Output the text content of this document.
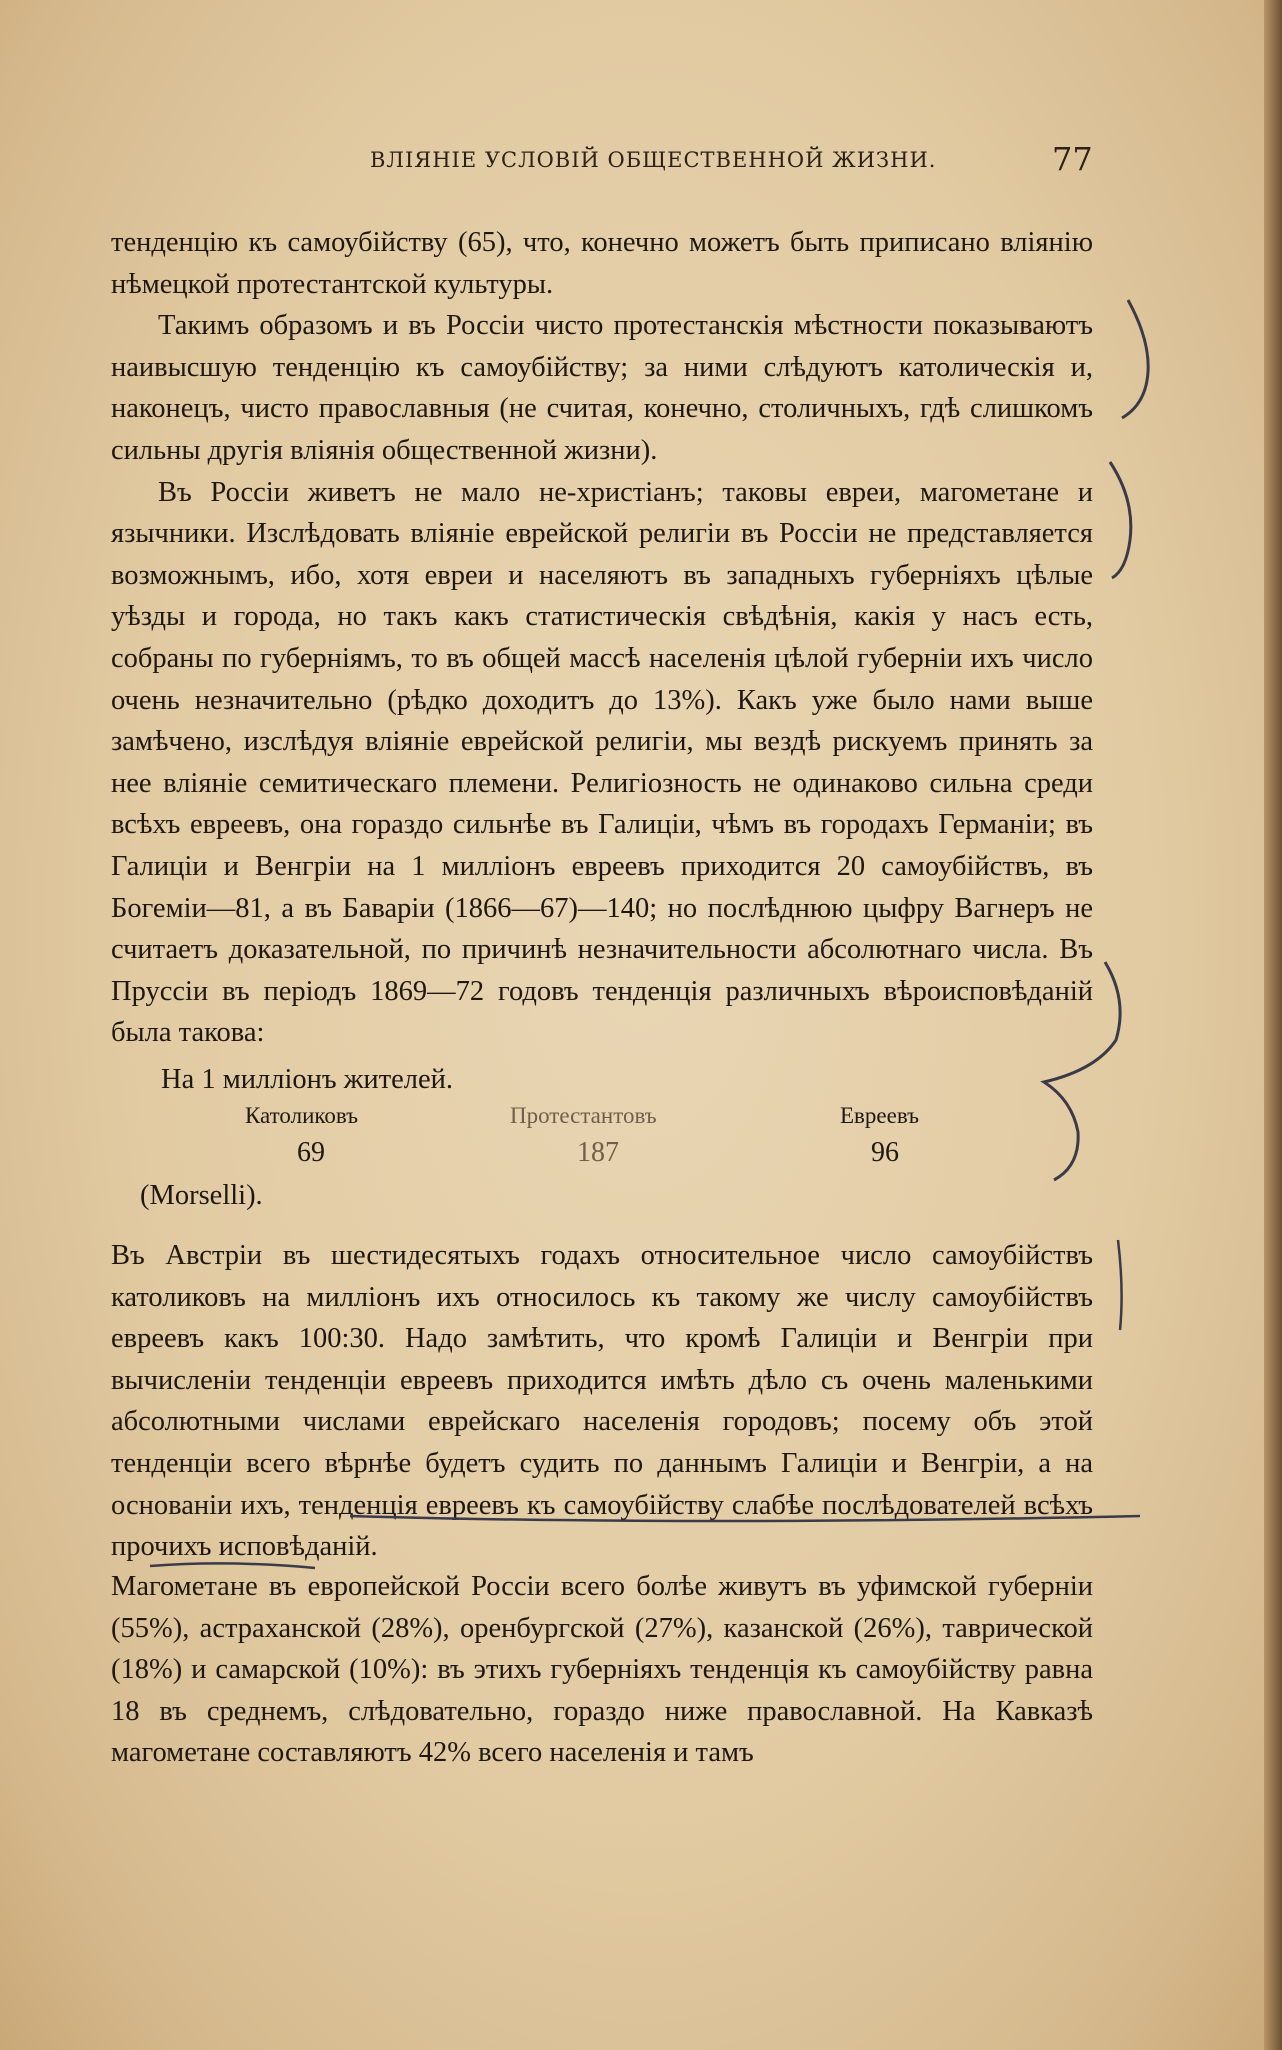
ВЛІЯНІЕ УСЛОВІЙ ОБЩЕСТВЕННОЙ ЖИЗНИ.	77

тенденцію къ самоубійству (65), что, конечно можетъ быть приписано вліянію нѣмецкой протестантской культуры.

Такимъ образомъ и въ Россіи чисто протестанскія мѣстности показываютъ наивысшую тенденцію къ самоубійству; за ними слѣдуютъ католическія и, наконецъ, чисто православныя (не считая, конечно, столичныхъ, гдѣ слишкомъ сильны другія вліянія общественной жизни).

Въ Россіи живетъ не мало не-христіанъ; таковы евреи, магометане и язычники. Изслѣдовать вліяніе еврейской религіи въ Россіи не представляется возможнымъ, ибо, хотя евреи и населяютъ въ западныхъ губерніяхъ цѣлые уѣзды и города, но такъ какъ статистическія свѣдѣнія, какія у насъ есть, собраны по губерніямъ, то въ общей массѣ населенія цѣлой губерніи ихъ число очень незначительно (рѣдко доходитъ до 13%). Какъ уже было нами выше замѣчено, изслѣдуя вліяніе еврейской религіи, мы вездѣ рискуемъ принять за нее вліяніе семитическаго племени. Религіозность не одинаково сильна среди всѣхъ евреевъ, она гораздо сильнѣе въ Галиціи, чѣмъ въ городахъ Германіи; въ Галиціи и Венгріи на 1 милліонъ евреевъ приходится 20 самоубійствъ, въ Богеміи—81, а въ Баваріи (1866—67)—140; но послѣднюю цыфру Вагнеръ не считаетъ доказательной, по причинѣ незначительности абсолютнаго числа. Въ Пруссіи въ періодъ 1869—72 годовъ тенденція различныхъ вѣроисповѣданій была такова:

На 1 милліонъ жителей.
Католиковъ	Протестантовъ	Евреевъ
69	187	96
(Morselli).

Въ Австріи въ шестидесятыхъ годахъ относительное число самоубійствъ католиковъ на милліонъ ихъ относилось къ такому же числу самоубійствъ евреевъ какъ 100:30. Надо замѣтить, что кромѣ Галиціи и Венгріи при вычисленіи тенденціи евреевъ приходится имѣть дѣло съ очень маленькими абсолютными числами еврейскаго населенія городовъ; посему объ этой тенденціи всего вѣрнѣе будетъ судить по даннымъ Галиціи и Венгріи, а на основаніи ихъ, тенденція евреевъ къ самоубійству слабѣе послѣдователей всѣхъ прочихъ исповѣданій.

Магометане въ европейской Россіи всего болѣе живутъ въ уфимской губерніи (55%), астраханской (28%), оренбургской (27%), казанской (26%), таврической (18%) и самарской (10%): въ этихъ губерніяхъ тенденція къ самоубійству равна 18 въ среднемъ, слѣдовательно, гораздо ниже православной. На Кавказѣ магометане составляютъ 42% всего населенія и тамъ
